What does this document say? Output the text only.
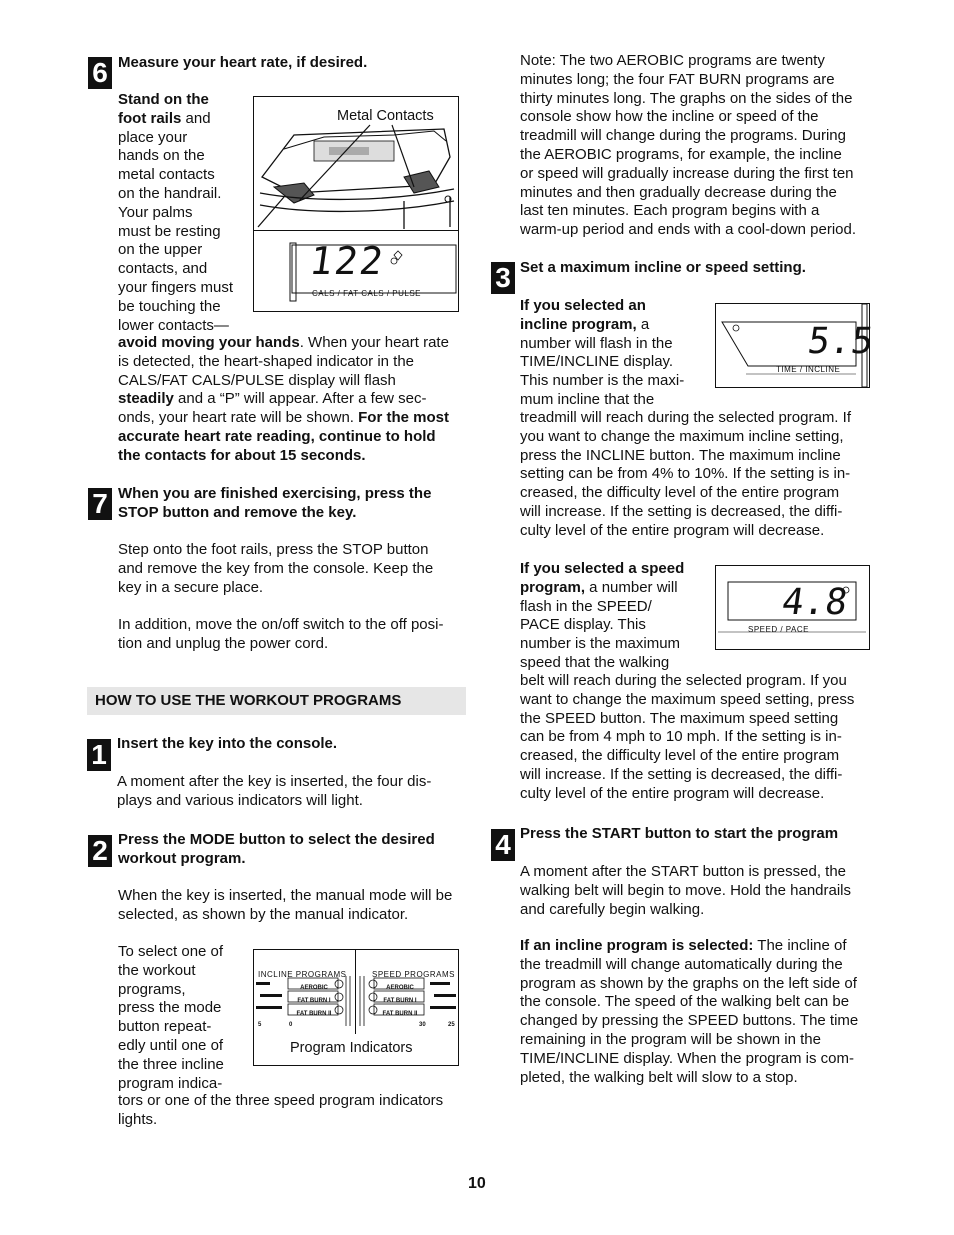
6 Measure your heart rate, if desired.
Stand on the
foot rails and
place your
hands on the
metal contacts
on the handrail.
Your palms
must be resting
on the upper
contacts, and
your fingers must
be touching the
lower contacts—
avoid moving your hands. When your heart rate
is detected, the heart-shaped indicator in the
CALS/FAT CALS/PULSE display will flash
steadily and a “P” will appear. After a few sec-
onds, your heart rate will be shown. For the most
accurate heart rate reading, continue to hold
the contacts for about 15 seconds.
Metal Contacts
122
CALS / FAT CALS / PULSE
7 When you are finished exercising, press the
STOP button and remove the key.
Step onto the foot rails, press the STOP button
and remove the key from the console. Keep the
key in a secure place.
In addition, move the on/off switch to the off posi-
tion and unplug the power cord.
HOW TO USE THE WORKOUT PROGRAMS
1 Insert the key into the console.
A moment after the key is inserted, the four dis-
plays and various indicators will light.
2 Press the MODE button to select the desired
workout program.
When the key is inserted, the manual mode will be
selected, as shown by the manual indicator.
To select one of
the workout
programs,
press the mode
button repeat-
edly until one of
the three incline
program indica-
tors or one of the three speed program indicators
lights.
INCLINE PROGRAMS	SPEED PROGRAMS
AEROBIC
FAT BURN I
FAT BURN II
AEROBIC
FAT BURN I
FAT BURN II
5	0	30	25
Program Indicators
Note: The two AEROBIC programs are twenty
minutes long; the four FAT BURN programs are
thirty minutes long. The graphs on the sides of the
console show how the incline or speed of the
treadmill will change during the programs. During
the AEROBIC programs, for example, the incline
or speed will gradually increase during the first ten
minutes and then gradually decrease during the
last ten minutes. Each program begins with a
warm-up period and ends with a cool-down period.
3 Set a maximum incline or speed setting.
If you selected an
incline program, a
number will flash in the
TIME/INCLINE display.
This number is the maxi-
mum incline that the
treadmill will reach during the selected program. If
you want to change the maximum incline setting,
press the INCLINE button. The maximum incline
setting can be from 4% to 10%. If the setting is in-
creased, the difficulty level of the entire program
will increase. If the setting is decreased, the diffi-
culty level of the entire program will decrease.
5.5
TIME / INCLINE
If you selected a speed
program, a number will
flash in the SPEED/
PACE display. This
number is the maximum
speed that the walking
belt will reach during the selected program. If you
want to change the maximum speed setting, press
the SPEED button. The maximum speed setting
can be from 4 mph to 10 mph. If the setting is in-
creased, the difficulty level of the entire program
will increase. If the setting is decreased, the diffi-
culty level of the entire program will decrease.
4.8
SPEED / PACE
4 Press the START button to start the program
A moment after the START button is pressed, the
walking belt will begin to move. Hold the handrails
and carefully begin walking.
If an incline program is selected: The incline of
the treadmill will change automatically during the
program as shown by the graphs on the left side of
the console. The speed of the walking belt can be
changed by pressing the SPEED buttons. The time
remaining in the program will be shown in the
TIME/INCLINE display. When the program is com-
pleted, the walking belt will slow to a stop.
10
